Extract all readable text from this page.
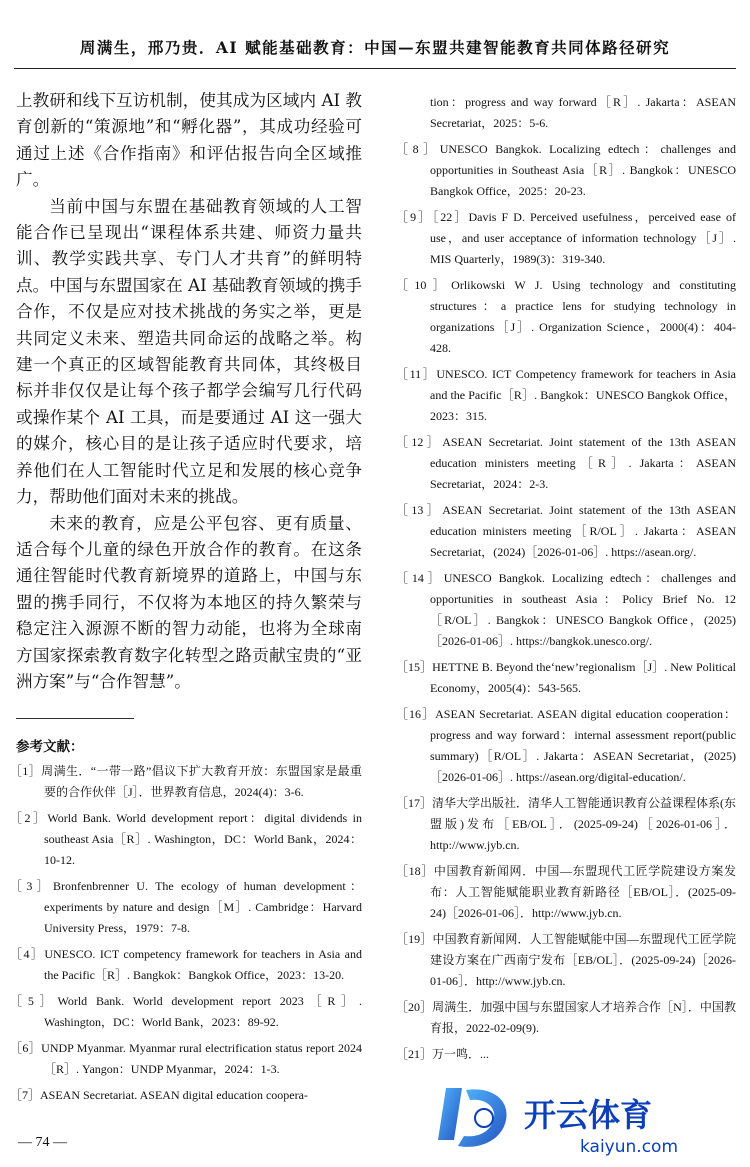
周满生，邢乃贵．AI 赋能基础教育：中国—东盟共建智能教育共同体路径研究

上教研和线下互访机制，使其成为区域内 AI 教育创新的“策源地”和“孵化器”，其成功经验可通过上述《合作指南》和评估报告向全区域推广。

当前中国与东盟在基础教育领域的人工智能合作已呈现出“课程体系共建、师资力量共训、教学实践共享、专门人才共育”的鲜明特点。中国与东盟国家在 AI 基础教育领域的携手合作，不仅是应对技术挑战的务实之举，更是共同定义未来、塑造共同命运的战略之举。构建一个真正的区域智能教育共同体，其终极目标并非仅仅是让每个孩子都学会编写几行代码或操作某个 AI 工具，而是要通过 AI 这一强大的媒介，核心目的是让孩子适应时代要求，培养他们在人工智能时代立足和发展的核心竞争力，帮助他们面对未来的挑战。

未来的教育，应是公平包容、更有质量、适合每个儿童的绿色开放合作的教育。在这条通往智能时代教育新境界的道路上，中国与东盟的携手同行，不仅将为本地区的持久繁荣与稳定注入源源不断的智力动能，也将为全球南方国家探索教育数字化转型之路贡献宝贵的“亚洲方案”与“合作智慧”。

参考文献：
［1］周满生．“一带一路”倡议下扩大教育开放：东盟国家是最重要的合作伙伴［J］．世界教育信息，2024(4)：3-6.
［2］World Bank. World development report：digital dividends in southeast Asia［R］. Washington，DC：World Bank，2024：10-12.
［3］Bronfenbrenner U. The ecology of human development：experiments by nature and design［M］. Cambridge：Harvard University Press，1979：7-8.
［4］UNESCO. ICT competency framework for teachers in Asia and the Pacific［R］. Bangkok：Bangkok Office，2023：13-20.
［5］World Bank. World development report 2023［R］. Washington，DC：World Bank，2023：89-92.
［6］UNDP Myanmar. Myanmar rural electrification status report 2024［R］. Yangon：UNDP Myanmar，2024：1-3.
［7］ASEAN Secretariat. ASEAN digital education coopera-
tion：progress and way forward［R］. Jakarta：ASEAN Secretariat，2025：5-6.
［8］UNESCO Bangkok. Localizing edtech：challenges and opportunities in Southeast Asia［R］. Bangkok：UNESCO Bangkok Office，2025：20-23.
［9］［22］Davis F D. Perceived usefulness，perceived ease of use，and user acceptance of information technology［J］. MIS Quarterly，1989(3)：319-340.
［10］Orlikowski W J. Using technology and constituting structures：a practice lens for studying technology in organizations［J］. Organization Science，2000(4)：404-428.
［11］UNESCO. ICT Competency framework for teachers in Asia and the Pacific［R］. Bangkok：UNESCO Bangkok Office，2023：315.
［12］ASEAN Secretariat. Joint statement of the 13th ASEAN education ministers meeting［R］. Jakarta：ASEAN Secretariat，2024：2-3.
［13］ASEAN Secretariat. Joint statement of the 13th ASEAN education ministers meeting［R/OL］. Jakarta：ASEAN Secretariat，(2024)［2026-01-06］. https://asean.org/.
［14］UNESCO Bangkok. Localizing edtech：challenges and opportunities in southeast Asia：Policy Brief No. 12［R/OL］. Bangkok：UNESCO Bangkok Office，(2025)［2026-01-06］. https://bangkok.unesco.org/.
［15］HETTNE B. Beyond the‘new’regionalism［J］. New Political Economy，2005(4)：543-565.
［16］ASEAN Secretariat. ASEAN digital education cooperation：progress and way forward：internal assessment report(public summary)［R/OL］. Jakarta：ASEAN Secretariat，(2025)［2026-01-06］. https://asean.org/digital-education/.
［17］清华大学出版社．清华人工智能通识教育公益课程体系(东盟版)发布［EB/OL］．(2025-09-24)［2026-01-06］．http://www.jyb.cn.
［18］中国教育新闻网．中国—东盟现代工匠学院建设方案发布：人工智能赋能职业教育新路径［EB/OL］．(2025-09-24)［2026-01-06］．http://www.jyb.cn.
［19］中国教育新闻网．人工智能赋能中国—东盟现代工匠学院建设方案在广西南宁发布［EB/OL］．(2025-09-24)［2026-01-06］．http://www.jyb.cn.
［20］周满生．加强中国与东盟国家人才培养合作［N］．中国教育报，2022-02-09(9).
［21］万一鸣．...
— 74 —
开云体育
kaiyun.com
